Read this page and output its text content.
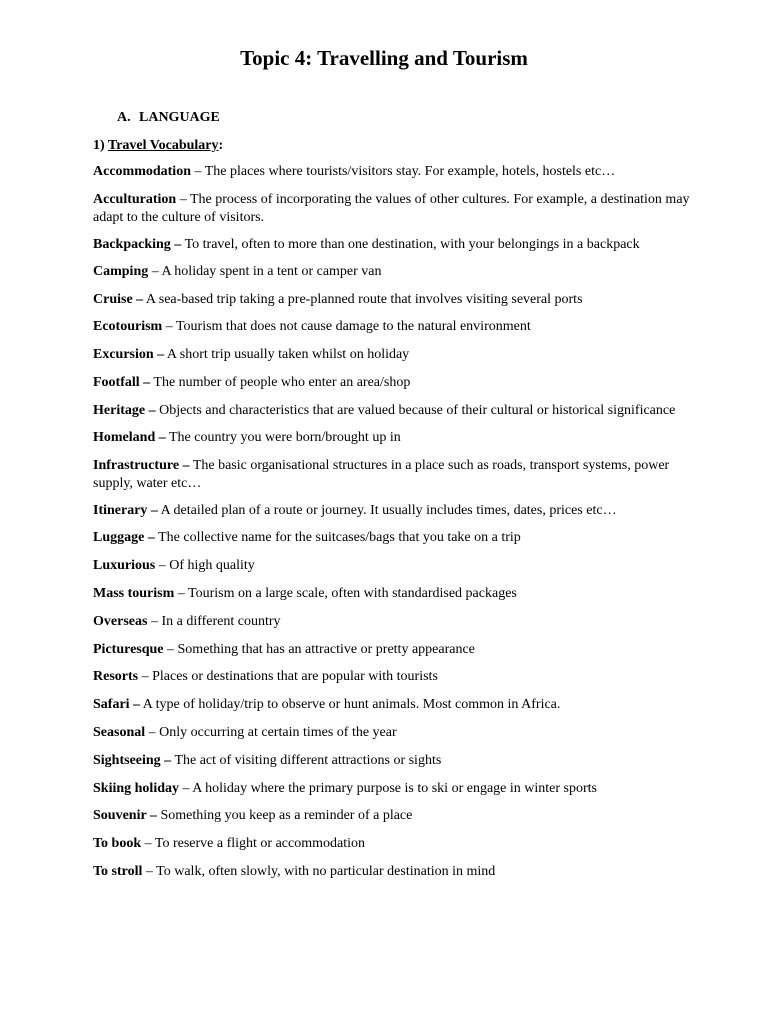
Topic 4: Travelling and Tourism
A. LANGUAGE
1) Travel Vocabulary:
Accommodation – The places where tourists/visitors stay. For example, hotels, hostels etc…
Acculturation – The process of incorporating the values of other cultures. For example, a destination may adapt to the culture of visitors.
Backpacking – To travel, often to more than one destination, with your belongings in a backpack
Camping – A holiday spent in a tent or camper van
Cruise – A sea-based trip taking a pre-planned route that involves visiting several ports
Ecotourism – Tourism that does not cause damage to the natural environment
Excursion – A short trip usually taken whilst on holiday
Footfall – The number of people who enter an area/shop
Heritage – Objects and characteristics that are valued because of their cultural or historical significance
Homeland – The country you were born/brought up in
Infrastructure – The basic organisational structures in a place such as roads, transport systems, power supply, water etc…
Itinerary – A detailed plan of a route or journey. It usually includes times, dates, prices etc…
Luggage – The collective name for the suitcases/bags that you take on a trip
Luxurious – Of high quality
Mass tourism – Tourism on a large scale, often with standardised packages
Overseas – In a different country
Picturesque – Something that has an attractive or pretty appearance
Resorts – Places or destinations that are popular with tourists
Safari – A type of holiday/trip to observe or hunt animals. Most common in Africa.
Seasonal – Only occurring at certain times of the year
Sightseeing – The act of visiting different attractions or sights
Skiing holiday – A holiday where the primary purpose is to ski or engage in winter sports
Souvenir – Something you keep as a reminder of a place
To book – To reserve a flight or accommodation
To stroll – To walk, often slowly, with no particular destination in mind
